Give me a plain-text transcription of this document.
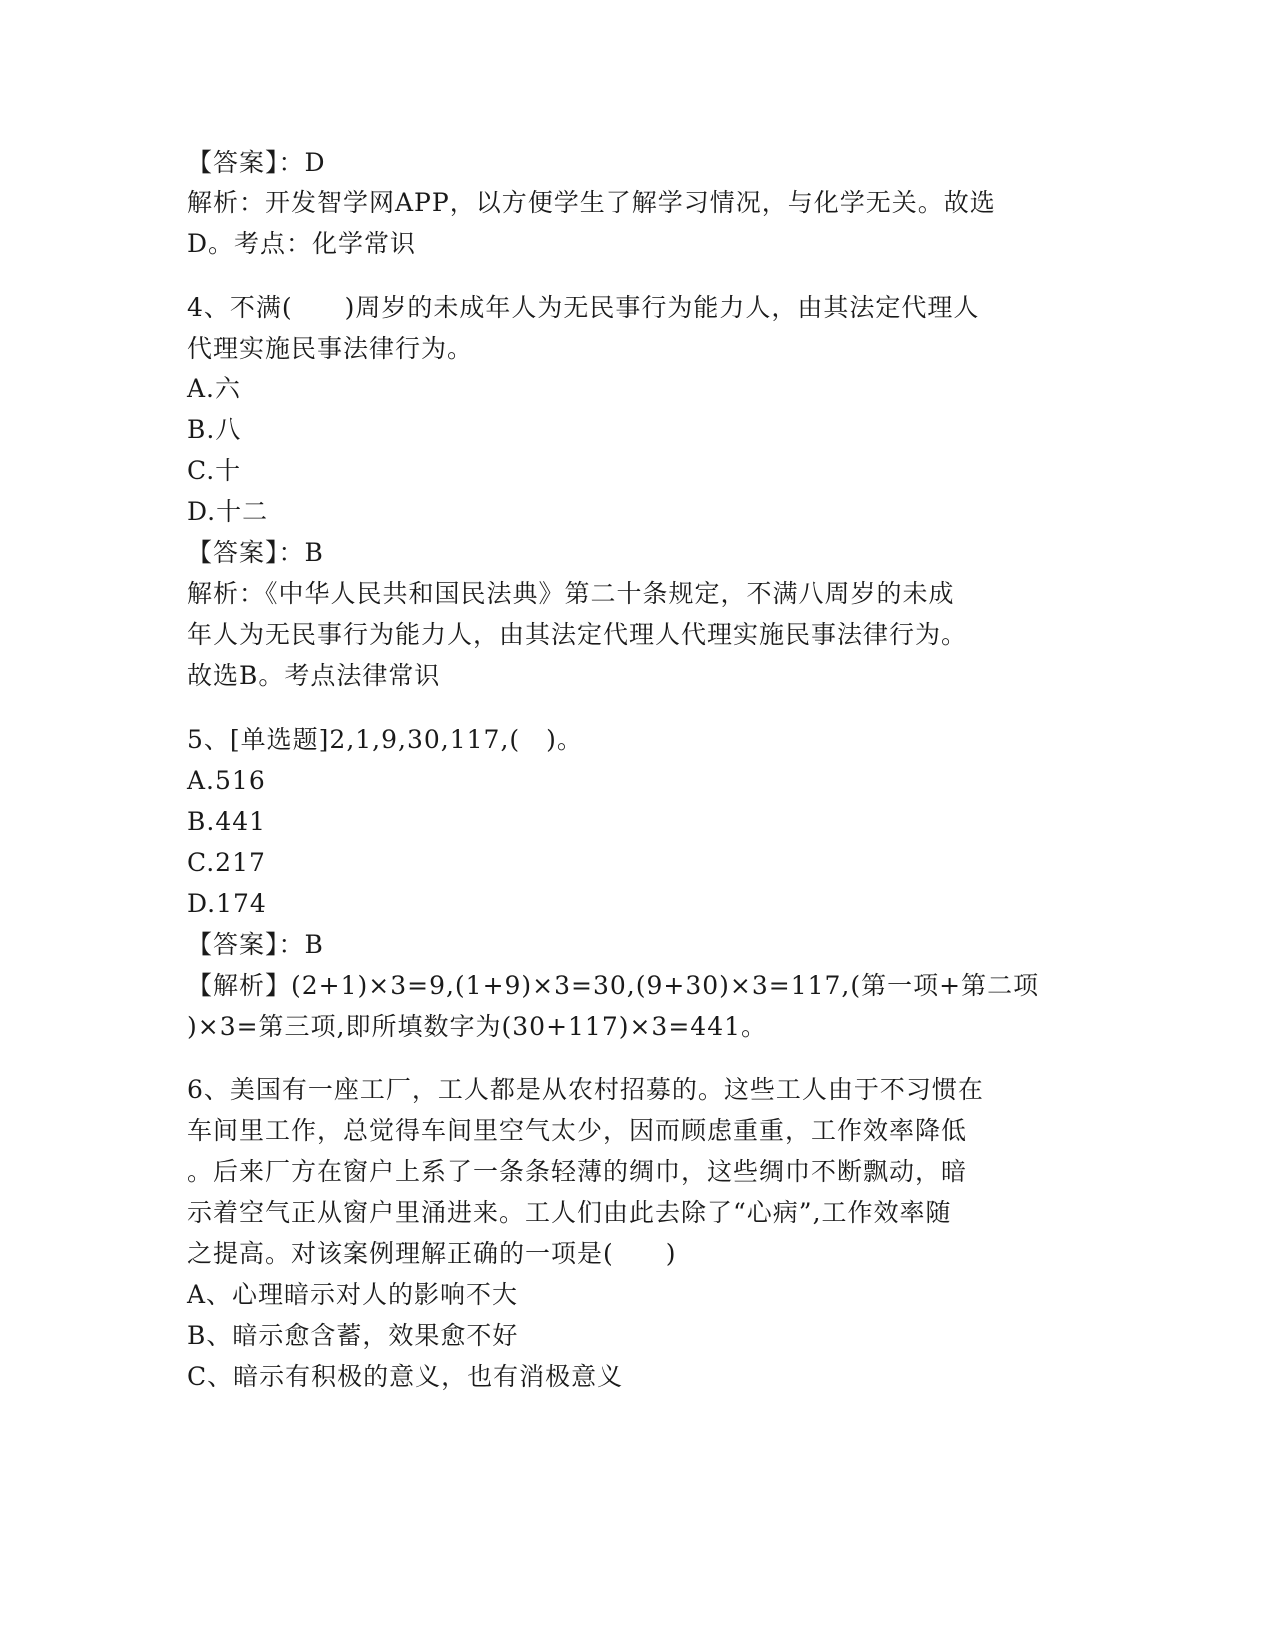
【答案】：D
解析：开发智学网APP，以方便学生了解学习情况，与化学无关。故选
D。考点：化学常识
4、不满(　　)周岁的未成年人为无民事行为能力人，由其法定代理人
代理实施民事法律行为。
A.六
B.八
C.十
D.十二
【答案】：B
解析：《中华人民共和国民法典》第二十条规定，不满八周岁的未成
年人为无民事行为能力人，由其法定代理人代理实施民事法律行为。
故选B。考点法律常识
5、[单选题]2,1,9,30,117,(　)。
A.516
B.441
C.217
D.174
【答案】：B
【解析】(2+1)×3=9,(1+9)×3=30,(9+30)×3=117,(第一项+第二项
)×3=第三项,即所填数字为(30+117)×3=441。
6、美国有一座工厂，工人都是从农村招募的。这些工人由于不习惯在
车间里工作，总觉得车间里空气太少，因而顾虑重重，工作效率降低
。后来厂方在窗户上系了一条条轻薄的绸巾，这些绸巾不断飘动，暗
示着空气正从窗户里涌进来。工人们由此去除了“心病”,工作效率随
之提高。对该案例理解正确的一项是(　　)
A、心理暗示对人的影响不大
B、暗示愈含蓄，效果愈不好
C、暗示有积极的意义，也有消极意义
